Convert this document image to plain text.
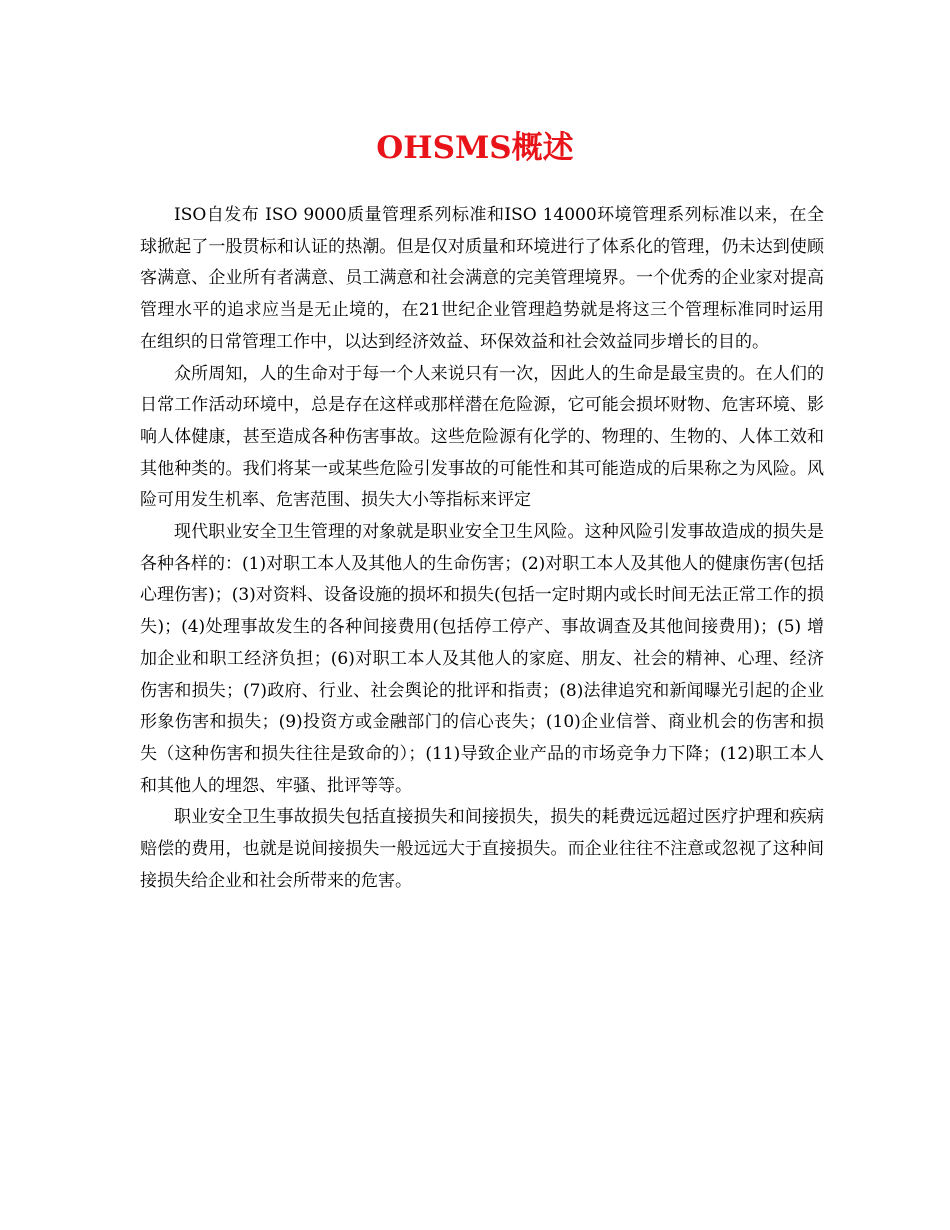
OHSMS概述

ISO自发布 ISO 9000质量管理系列标准和ISO 14000环境管理系列标准以来，在全球掀起了一股贯标和认证的热潮。但是仅对质量和环境进行了体系化的管理，仍未达到使顾客满意、企业所有者满意、员工满意和社会满意的完美管理境界。一个优秀的企业家对提高管理水平的追求应当是无止境的，在21世纪企业管理趋势就是将这三个管理标准同时运用在组织的日常管理工作中，以达到经济效益、环保效益和社会效益同步增长的目的。

众所周知，人的生命对于每一个人来说只有一次，因此人的生命是最宝贵的。在人们的日常工作活动环境中，总是存在这样或那样潜在危险源，它可能会损坏财物、危害环境、影响人体健康，甚至造成各种伤害事故。这些危险源有化学的、物理的、生物的、人体工效和其他种类的。我们将某一或某些危险引发事故的可能性和其可能造成的后果称之为风险。风险可用发生机率、危害范围、损失大小等指标来评定

现代职业安全卫生管理的对象就是职业安全卫生风险。这种风险引发事故造成的损失是各种各样的：(1)对职工本人及其他人的生命伤害；(2)对职工本人及其他人的健康伤害(包括心理伤害)；(3)对资料、设备设施的损坏和损失(包括一定时期内或长时间无法正常工作的损失)；(4)处理事故发生的各种间接费用(包括停工停产、事故调查及其他间接费用)；(5) 增加企业和职工经济负担；(6)对职工本人及其他人的家庭、朋友、社会的精神、心理、经济伤害和损失；(7)政府、行业、社会舆论的批评和指责；(8)法律追究和新闻曝光引起的企业形象伤害和损失；(9)投资方或金融部门的信心丧失；(10)企业信誉、商业机会的伤害和损失（这种伤害和损失往往是致命的）；(11)导致企业产品的市场竞争力下降；(12)职工本人和其他人的埋怨、牢骚、批评等等。

职业安全卫生事故损失包括直接损失和间接损失，损失的耗费远远超过医疗护理和疾病赔偿的费用，也就是说间接损失一般远远大于直接损失。而企业往往不注意或忽视了这种间接损失给企业和社会所带来的危害。
